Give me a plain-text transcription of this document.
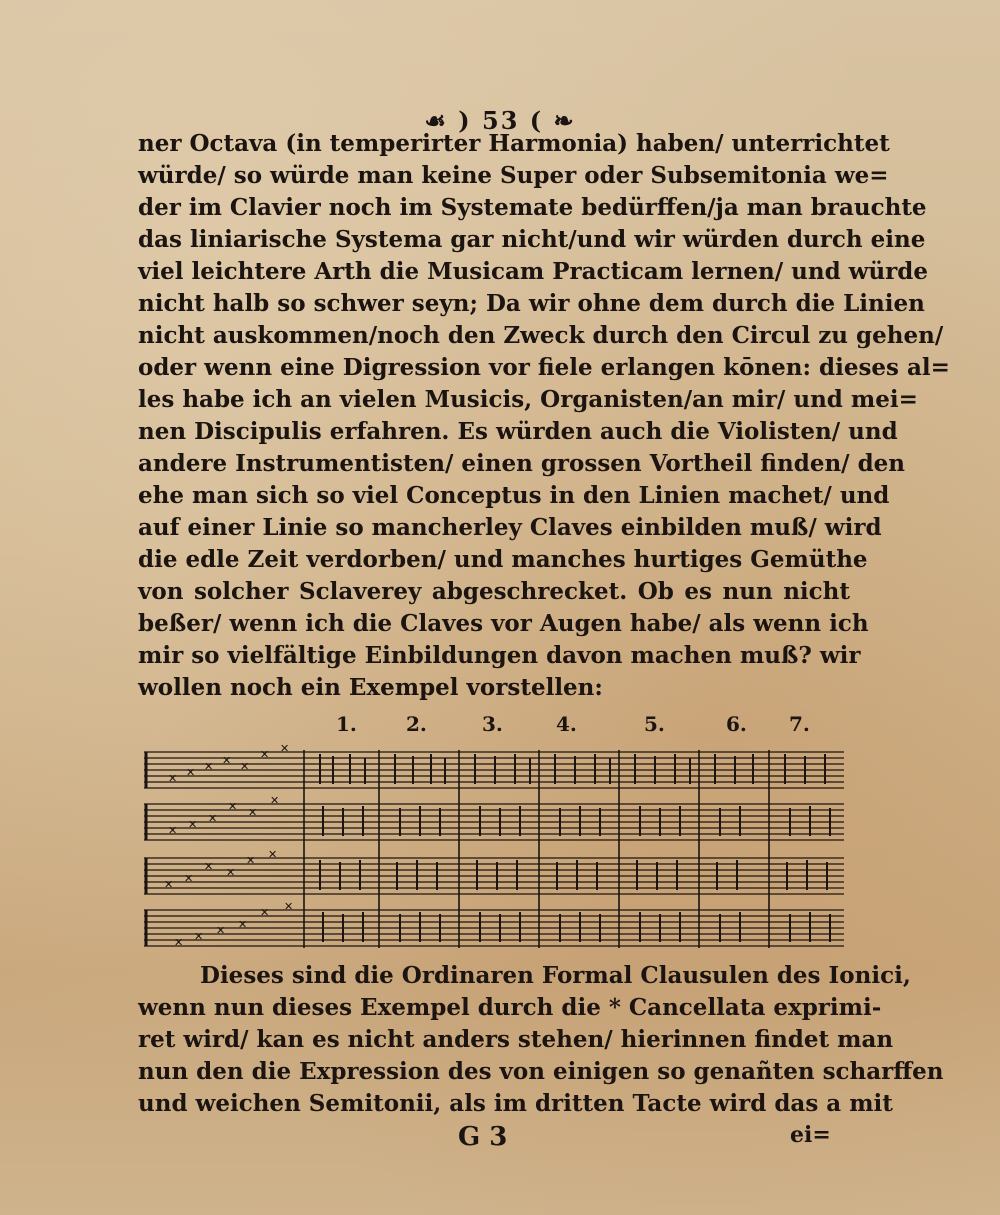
☙ ) 53 ( ❧
ner Octava (in temperirter Harmonia) haben/ unterrichtet
würde/ so würde man keine Super oder Subsemitonia we=
der im Clavier noch im Systemate bedürffen/ja man brauchte
das liniarische Systema gar nicht/und wir würden durch eine
viel leichtere Arth die Musicam Practicam lernen/ und würde
nicht halb so schwer seyn; Da wir ohne dem durch die Linien
nicht auskommen/noch den Zweck durch den Circul zu gehen/
oder wenn eine Digression vor fiele erlangen kōnen: dieses al=
les habe ich an vielen Musicis, Organisten/an mir/ und mei=
nen Discipulis erfahren. Es würden auch die Violisten/ und
andere Instrumentisten/ einen grossen Vortheil finden/ den
ehe man sich so viel Conceptus in den Linien machet/ und
auf einer Linie so mancherley Claves einbilden muß/ wird
die edle Zeit verdorben/ und manches hurtiges Gemüthe
von solcher Sclaverey abgeschrecket. Ob es nun nicht
beßer/ wenn ich die Claves vor Augen habe/ als wenn ich
mir so vielfältige Einbildungen davon machen muß? wir
wollen noch ein Exempel vorstellen:
1. 2.	3.	4.	5.	6. 7.
✕ ✕ ✕ ✕ ✕
✕ ✕
✕ ✕ ✕
✕ ✕
✕
✕ ✕
✕ ✕
✕ ✕
✕ ✕ ✕ ✕
✕ ✕
Dieses sind die Ordinaren Formal Clausulen des Ionici,
wenn nun dieses Exempel durch die * Cancellata exprimi-
ret wird/ kan es nicht anders stehen/ hierinnen findet man
nun den die Expression des von einigen so genañten scharffen
und weichen Semitonii, als im dritten Tacte wird das a mit
G 3	ei=
